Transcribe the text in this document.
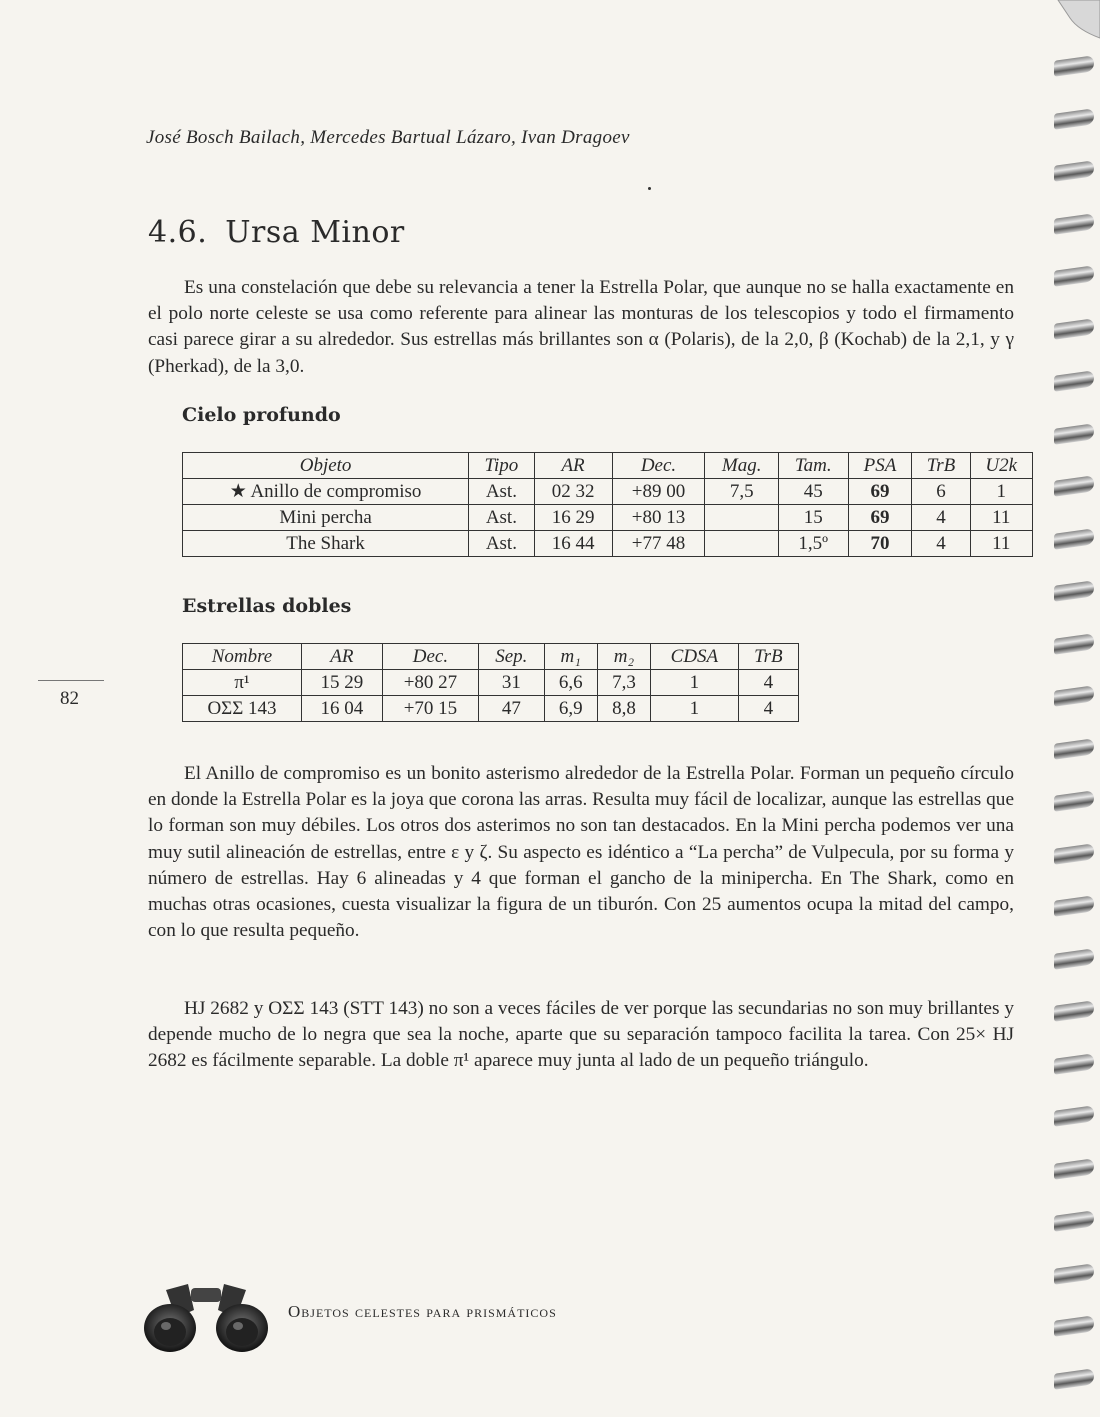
José Bosch Bailach, Mercedes Bartual Lázaro, Ivan Dragoev
4.6. Ursa Minor

Es una constelación que debe su relevancia a tener la Estrella Polar, que aunque no se halla exactamente en el polo norte celeste se usa como referente para alinear las monturas de los telescopios y todo el firmamento casi parece girar a su alrededor. Sus estrellas más brillantes son α (Polaris), de la 2,0, β (Kochab) de la 2,1, y γ (Pherkad), de la 3,0.

Cielo profundo
Objeto	Tipo	AR	Dec.	Mag.	Tam.	PSA	TrB	U2k
★ Anillo de compromiso	Ast.	02 32	+89 00	7,5	45	69	6	1
Mini percha	Ast.	16 29	+80 13		15	69	4	11
The Shark	Ast.	16 44	+77 48		1,5º	70	4	11
Estrellas dobles
Nombre	AR	Dec.	Sep.	m₁	m₂	CDSA	TrB
π¹	15 29	+80 27	31	6,6	7,3	1	4
OΣΣ 143	16 04	+70 15	47	6,9	8,8	1	4
82

El Anillo de compromiso es un bonito asterismo alrededor de la Estrella Polar. Forman un pequeño círculo en donde la Estrella Polar es la joya que corona las arras. Resulta muy fácil de localizar, aunque las estrellas que lo forman son muy débiles. Los otros dos asterimos no son tan destacados. En la Mini percha podemos ver una muy sutil alineación de estrellas, entre ε y ζ. Su aspecto es idéntico a “La percha” de Vulpecula, por su forma y número de estrellas. Hay 6 alineadas y 4 que forman el gancho de la minipercha. En The Shark, como en muchas otras ocasiones, cuesta visualizar la figura de un tiburón. Con 25 aumentos ocupa la mitad del campo, con lo que resulta pequeño.

HJ 2682 y OΣΣ 143 (STT 143) no son a veces fáciles de ver porque las secundarias no son muy brillantes y depende mucho de lo negra que sea la noche, aparte que su separación tampoco facilita la tarea. Con 25× HJ 2682 es fácilmente separable. La doble π¹ aparece muy junta al lado de un pequeño triángulo.

Objetos celestes para prismáticos
